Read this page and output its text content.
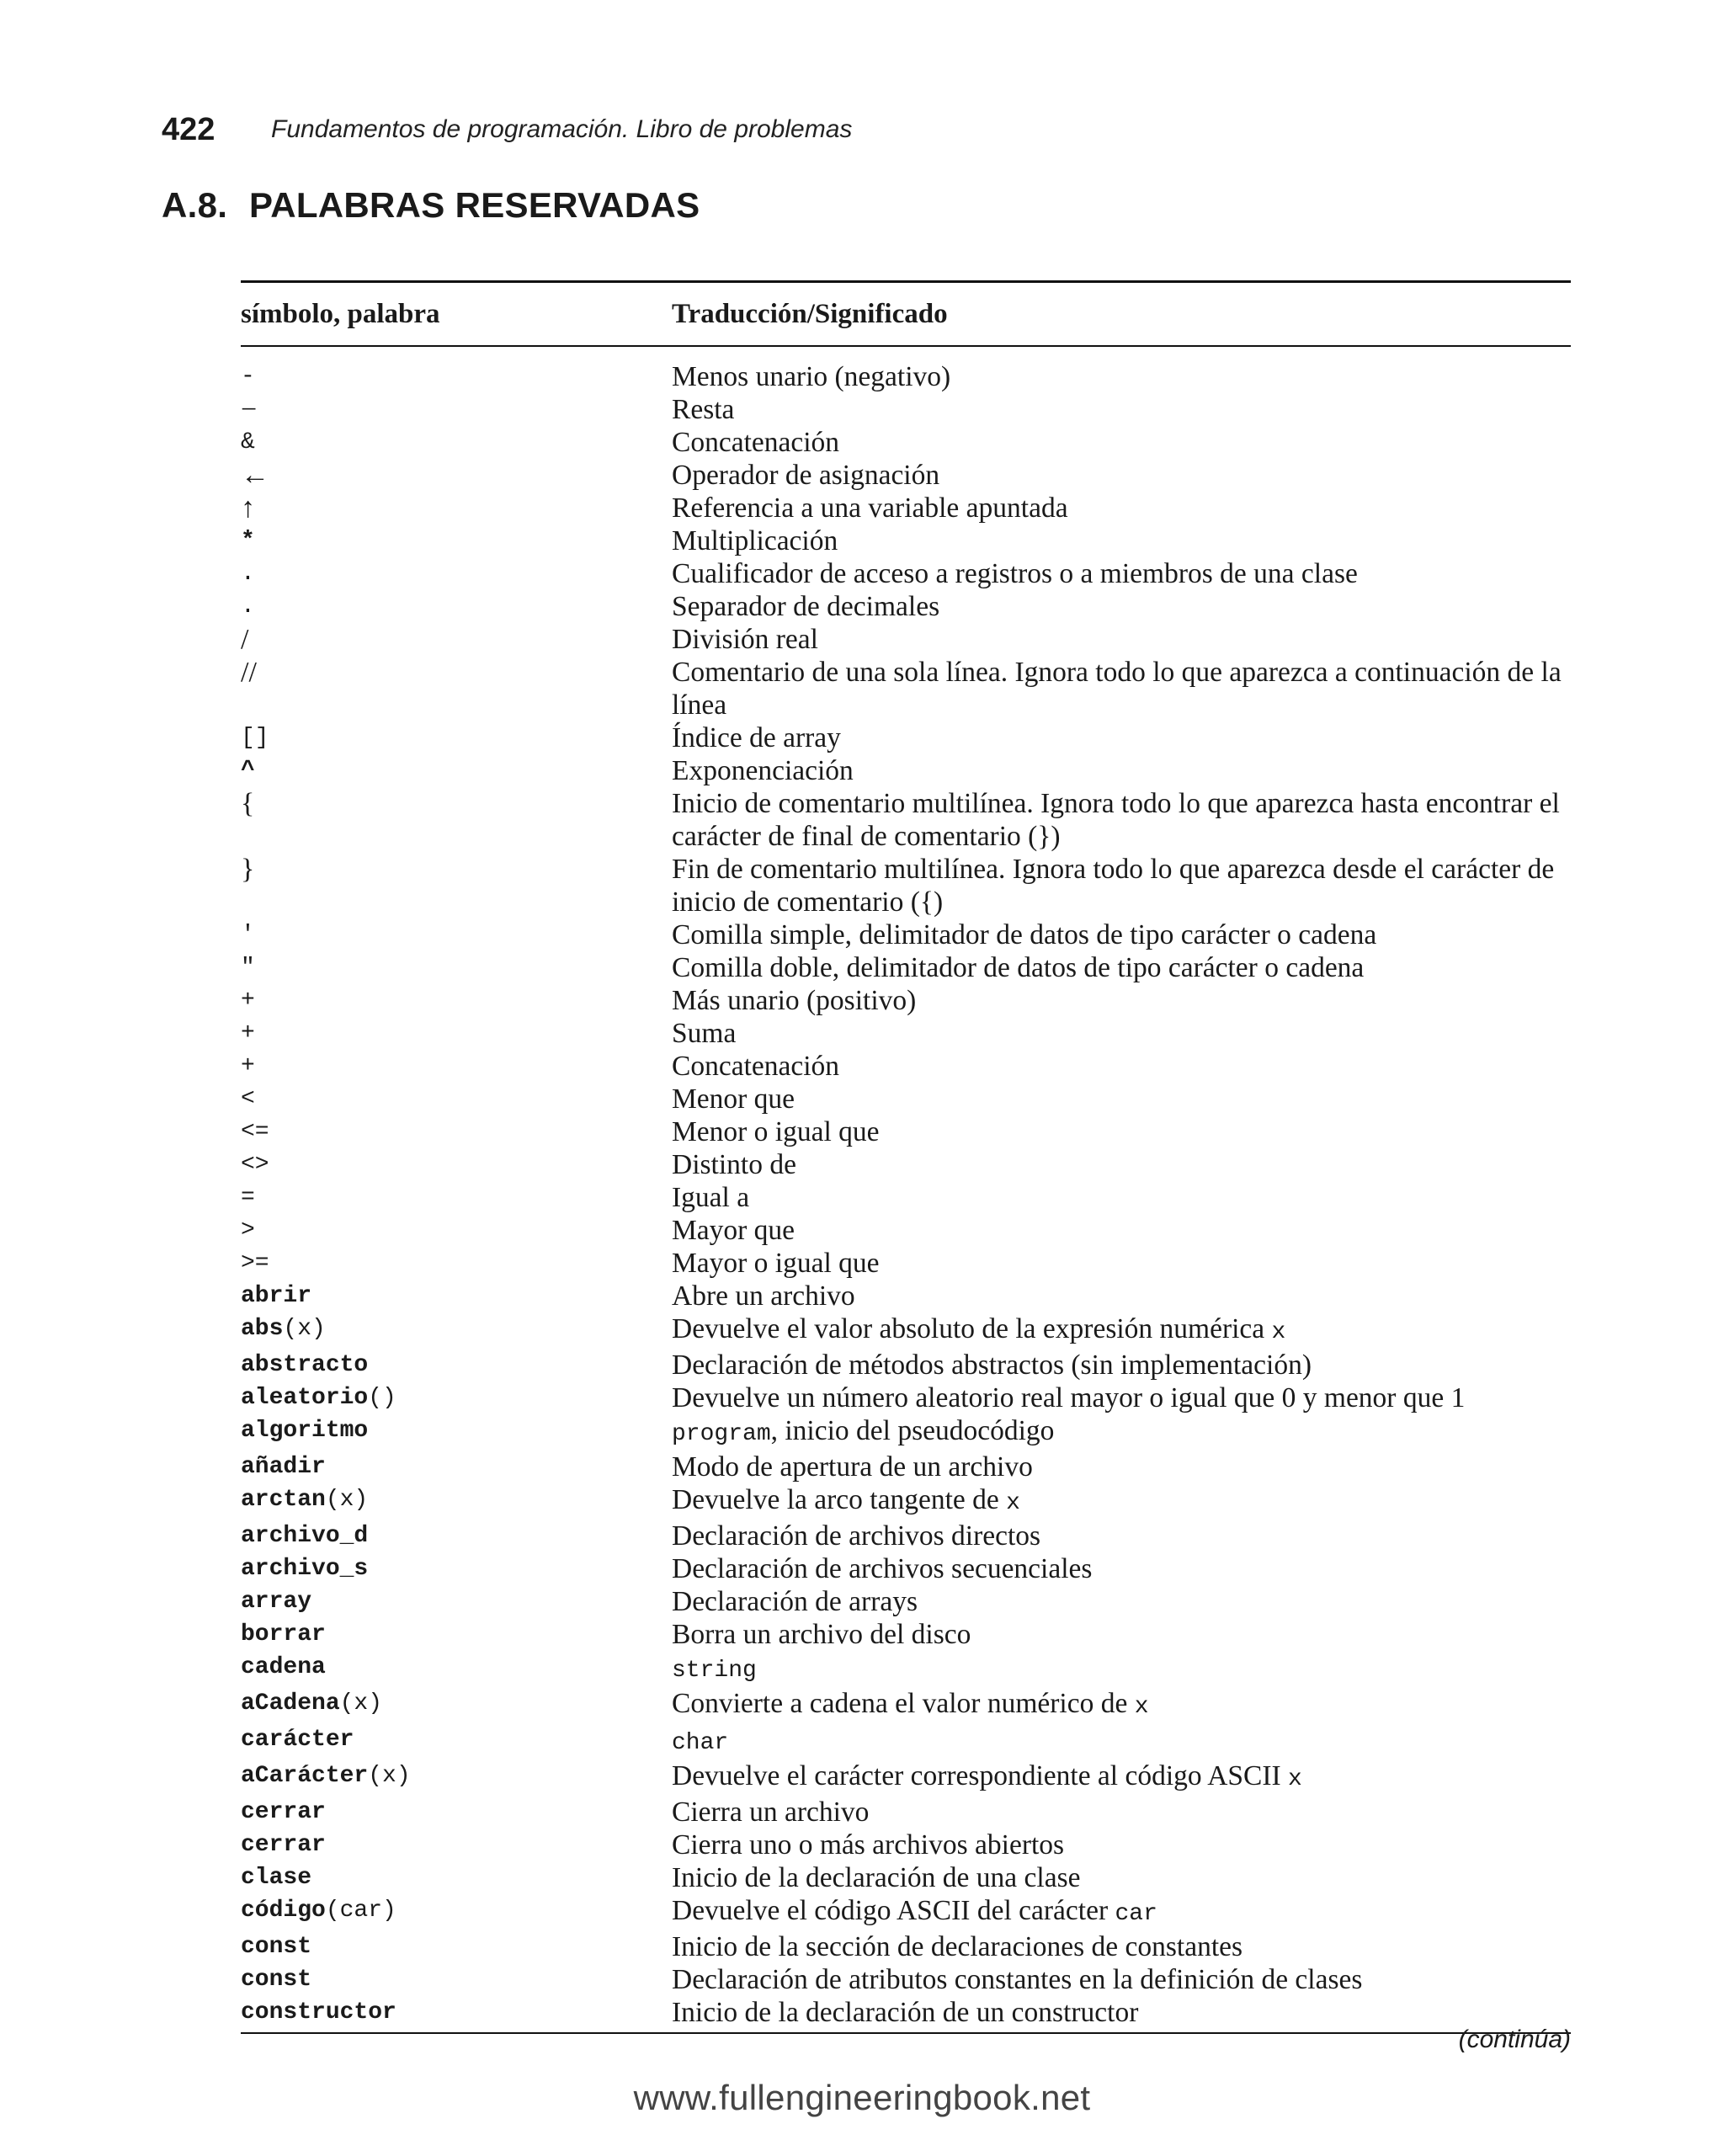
422	Fundamentos de programación. Libro de problemas
A.8. PALABRAS RESERVADAS
símbolo, palabra	Traducción/Significado
-	Menos unario (negativo)
−	Resta
&	Concatenación
←	Operador de asignación
↑	Referencia a una variable apuntada
*	Multiplicación
.	Cualificador de acceso a registros o a miembros de una clase
.	Separador de decimales
/	División real
//	Comentario de una sola línea. Ignora todo lo que aparezca a continuación de la línea
[]	Índice de array
^	Exponenciación
{	Inicio de comentario multilínea. Ignora todo lo que aparezca hasta encontrar el carácter de final de comentario (})
}	Fin de comentario multilínea. Ignora todo lo que aparezca desde el carácter de inicio de comentario ({)
'	Comilla simple, delimitador de datos de tipo carácter o cadena
"	Comilla doble, delimitador de datos de tipo carácter o cadena
+	Más unario (positivo)
+	Suma
+	Concatenación
<	Menor que
<=	Menor o igual que
<>	Distinto de
=	Igual a
>	Mayor que
>=	Mayor o igual que
abrir	Abre un archivo
abs(x)	Devuelve el valor absoluto de la expresión numérica x
abstracto	Declaración de métodos abstractos (sin implementación)
aleatorio()	Devuelve un número aleatorio real mayor o igual que 0 y menor que 1
algoritmo	program, inicio del pseudocódigo
añadir	Modo de apertura de un archivo
arctan(x)	Devuelve la arco tangente de x
archivo_d	Declaración de archivos directos
archivo_s	Declaración de archivos secuenciales
array	Declaración de arrays
borrar	Borra un archivo del disco
cadena	string
aCadena(x)	Convierte a cadena el valor numérico de x
carácter	char
aCarácter(x)	Devuelve el carácter correspondiente al código ASCII x
cerrar	Cierra un archivo
cerrar	Cierra uno o más archivos abiertos
clase	Inicio de la declaración de una clase
código(car)	Devuelve el código ASCII del carácter car
const	Inicio de la sección de declaraciones de constantes
const	Declaración de atributos constantes en la definición de clases
constructor	Inicio de la declaración de un constructor
(continúa)
www.fullengineeringbook.net
